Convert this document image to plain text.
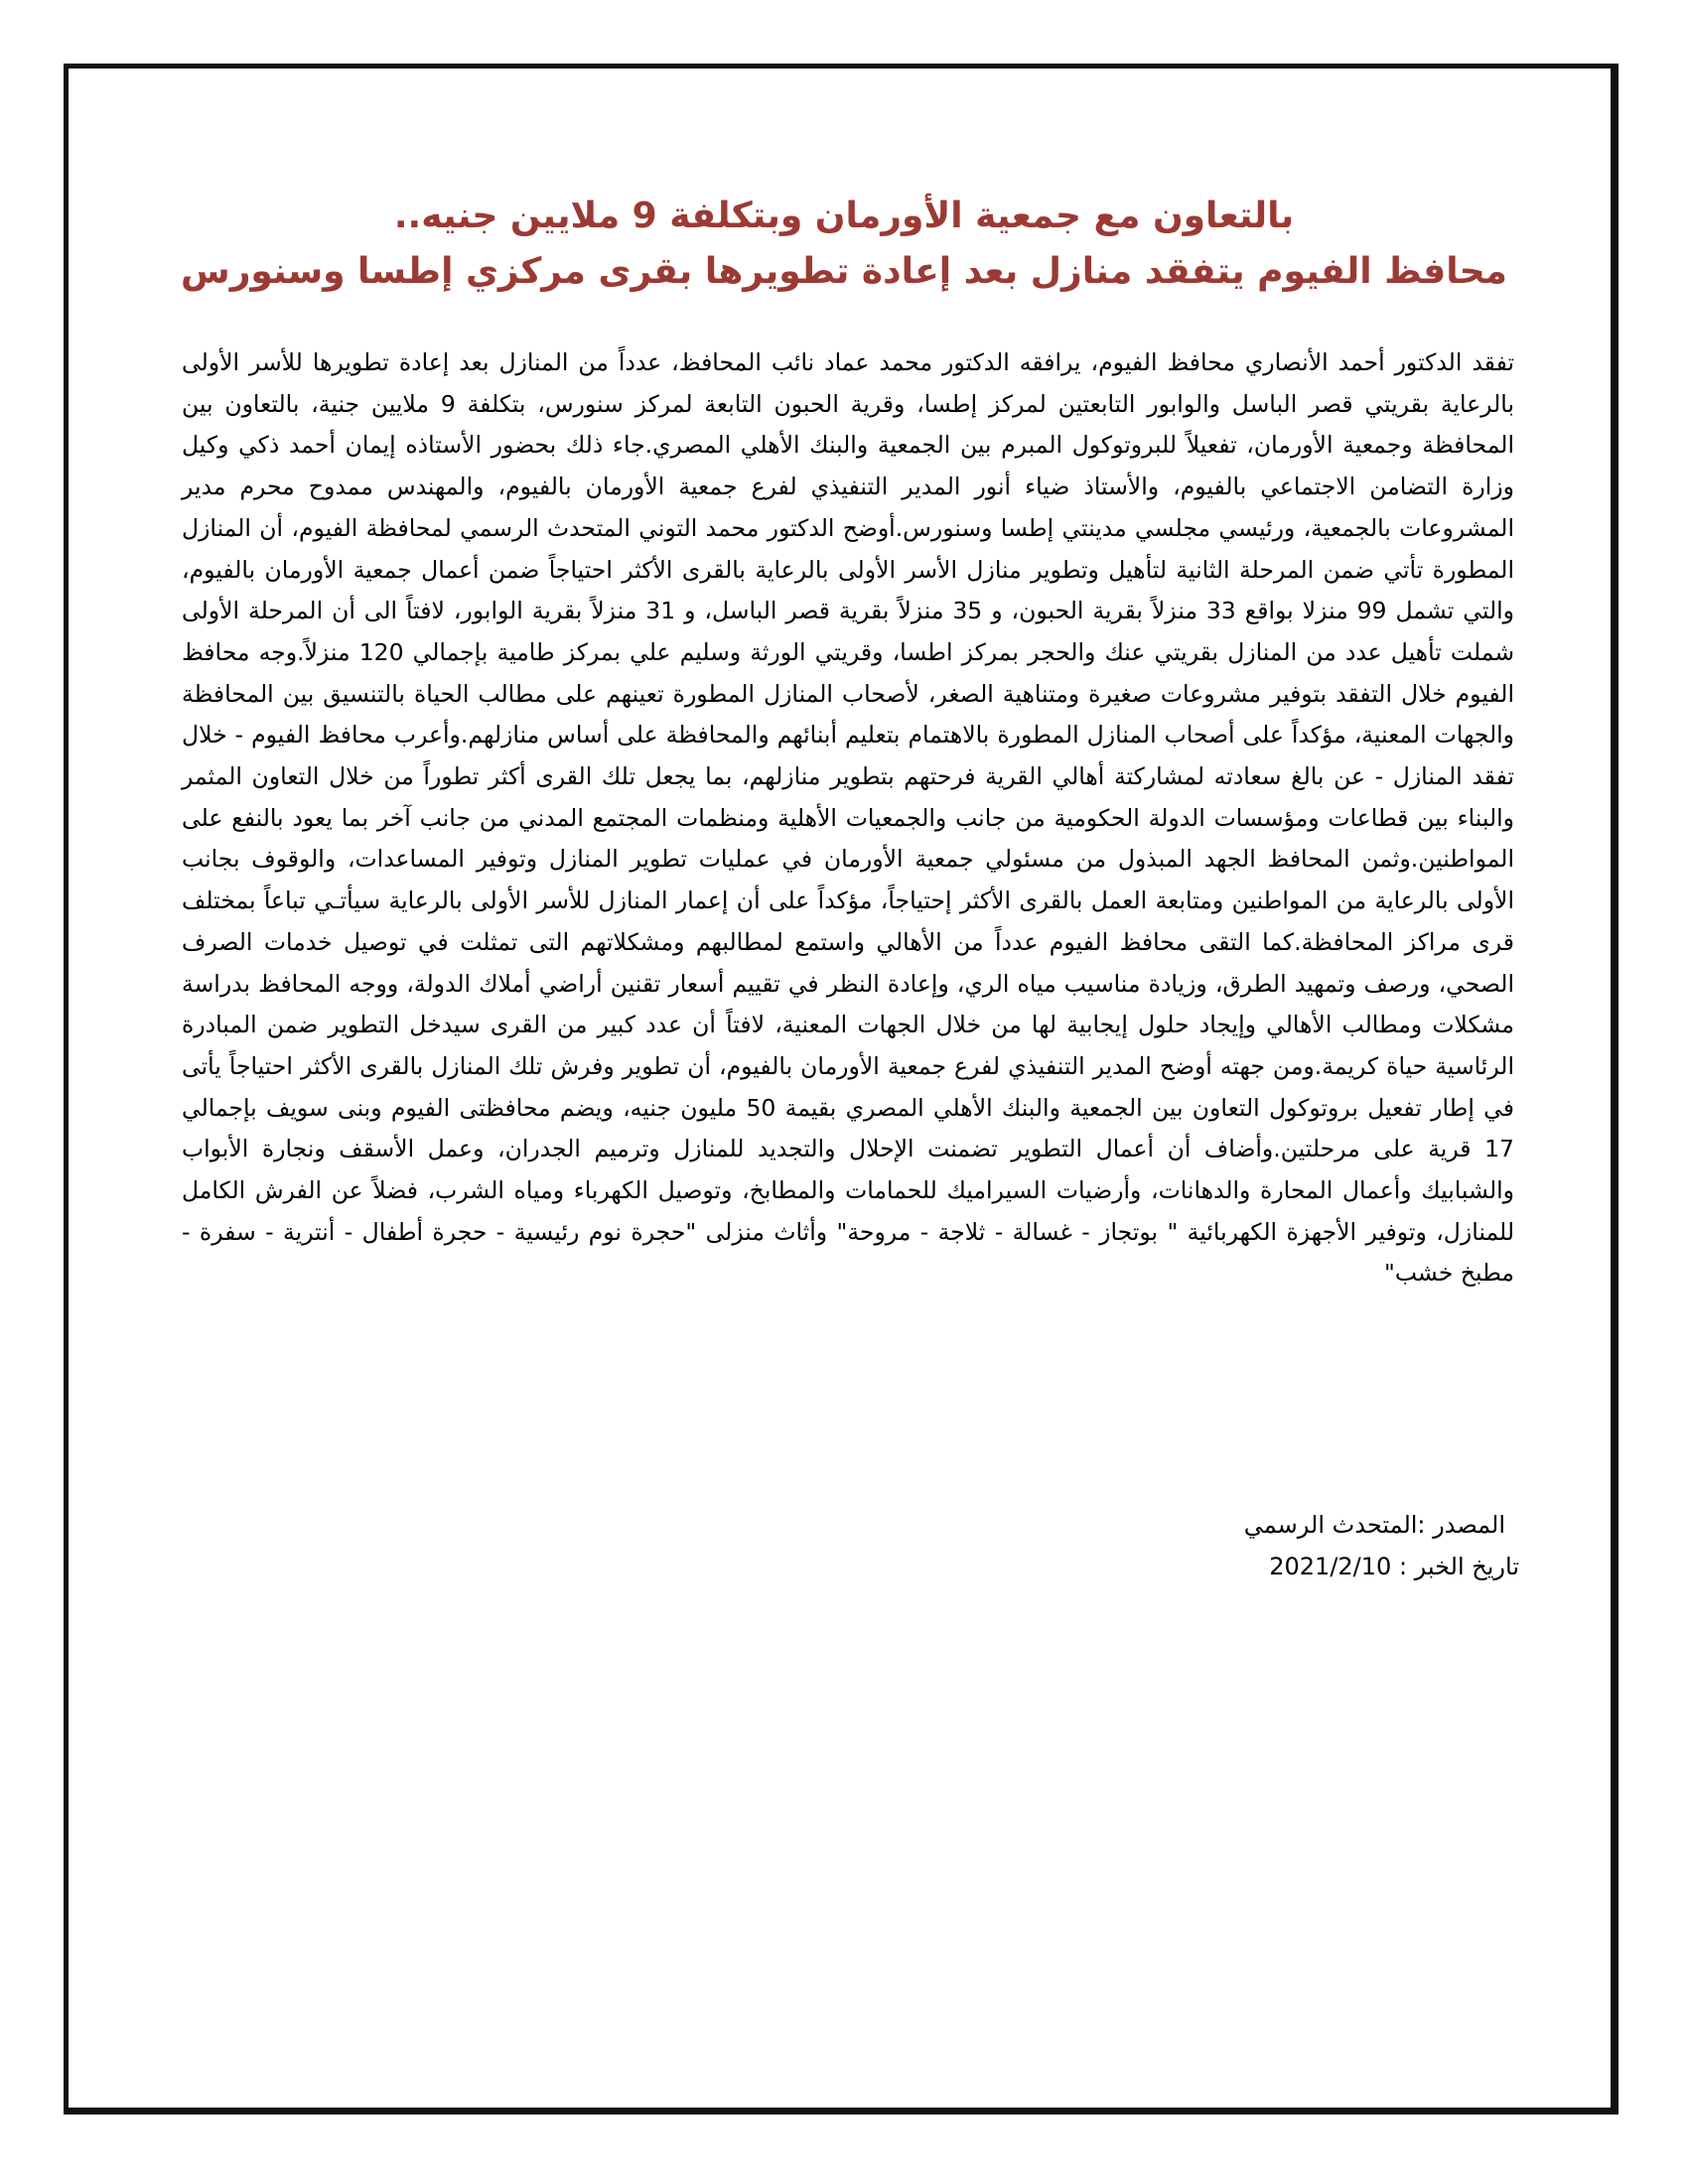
بالتعاون مع جمعية الأورمان وبتكلفة 9 ملايين جنيه..
محافظ الفيوم يتفقد منازل بعد إعادة تطويرها بقرى مركزي إطسا وسنورس
تفقد الدكتور أحمد الأنصاري محافظ الفيوم، يرافقه الدكتور محمد عماد نائب المحافظ، عدداً من المنازل بعد إعادة تطويرها للأسر الأولى بالرعاية بقريتي قصر الباسل والوابور التابعتين لمركز إطسا، وقرية الحبون التابعة لمركز سنورس، بتكلفة 9 ملايين جنية، بالتعاون بين المحافظة وجمعية الأورمان، تفعيلاً للبروتوكول المبرم بين الجمعية والبنك الأهلي المصري.جاء ذلك بحضور الأستاذه إيمان أحمد ذكي وكيل وزارة التضامن الاجتماعي بالفيوم، والأستاذ ضياء أنور المدير التنفيذي لفرع جمعية الأورمان بالفيوم، والمهندس ممدوح محرم مدير المشروعات بالجمعية، ورئيسي مجلسي مدينتي إطسا وسنورس.أوضح الدكتور محمد التوني المتحدث الرسمي لمحافظة الفيوم، أن المنازل المطورة تأتي ضمن المرحلة الثانية لتأهيل وتطوير منازل الأسر الأولى بالرعاية بالقرى الأكثر احتياجاً ضمن أعمال جمعية الأورمان بالفيوم، والتي تشمل 99 منزلا بواقع 33 منزلاً بقرية الحبون، و 35 منزلاً بقرية قصر الباسل، و 31 منزلاً بقرية الوابور، لافتاً الى أن المرحلة الأولى شملت تأهيل عدد من المنازل بقريتي عنك والحجر بمركز اطسا، وقريتي الورثة وسليم علي بمركز طامية بإجمالي 120 منزلاً.وجه محافظ الفيوم خلال التفقد بتوفير مشروعات صغيرة ومتناهية الصغر، لأصحاب المنازل المطورة تعينهم على مطالب الحياة بالتنسيق بين المحافظة والجهات المعنية، مؤكداً على أصحاب المنازل المطورة بالاهتمام بتعليم أبنائهم والمحافظة على أساس منازلهم.وأعرب محافظ الفيوم - خلال تفقد المنازل - عن بالغ سعادته لمشاركتة أهالي القرية فرحتهم بتطوير منازلهم، بما يجعل تلك القرى أكثر تطوراً من خلال التعاون المثمر والبناء بين قطاعات ومؤسسات الدولة الحكومية من جانب والجمعيات الأهلية ومنظمات المجتمع المدني من جانب آخر بما يعود بالنفع على المواطنين.وثمن المحافظ الجهد المبذول من مسئولي جمعية الأورمان في عمليات تطوير المنازل وتوفير المساعدات، والوقوف بجانب الأولى بالرعاية من المواطنين ومتابعة العمل بالقرى الأكثر إحتياجاً، مؤكداً على أن إعمار المنازل للأسر الأولى بالرعاية سيأتـي تباعاً بمختلف قرى مراكز المحافظة.كما التقى محافظ الفيوم عدداً من الأهالي واستمع لمطالبهم ومشكلاتهم التى تمثلت في توصيل خدمات الصرف الصحي، ورصف وتمهيد الطرق، وزيادة مناسيب مياه الري، وإعادة النظر في تقييم أسعار تقنين أراضي أملاك الدولة، ووجه المحافظ بدراسة مشكلات ومطالب الأهالي وإيجاد حلول إيجابية لها من خلال الجهات المعنية، لافتاً أن عدد كبير من القرى سيدخل التطوير ضمن المبادرة الرئاسية حياة كريمة.ومن جهته أوضح المدير التنفيذي لفرع جمعية الأورمان بالفيوم، أن تطوير وفرش تلك المنازل بالقرى الأكثر احتياجاً يأتى في إطار تفعيل بروتوكول التعاون بين الجمعية والبنك الأهلي المصري بقيمة 50 مليون جنيه، ويضم محافظتى الفيوم وبنى سويف بإجمالي 17 قرية على مرحلتين.وأضاف أن أعمال التطوير تضمنت الإحلال والتجديد للمنازل وترميم الجدران، وعمل الأسقف ونجارة الأبواب والشبابيك وأعمال المحارة والدهانات، وأرضيات السيراميك للحمامات والمطابخ، وتوصيل الكهرباء ومياه الشرب، فضلاً عن الفرش الكامل للمنازل، وتوفير الأجهزة الكهربائية " بوتجاز - غسالة - ثلاجة - مروحة" وأثاث منزلى "حجرة نوم رئيسية - حجرة أطفال - أنترية - سفرة - مطبخ خشب"
المصدر :المتحدث الرسمي
تاريخ الخبر : 2021/2/10
